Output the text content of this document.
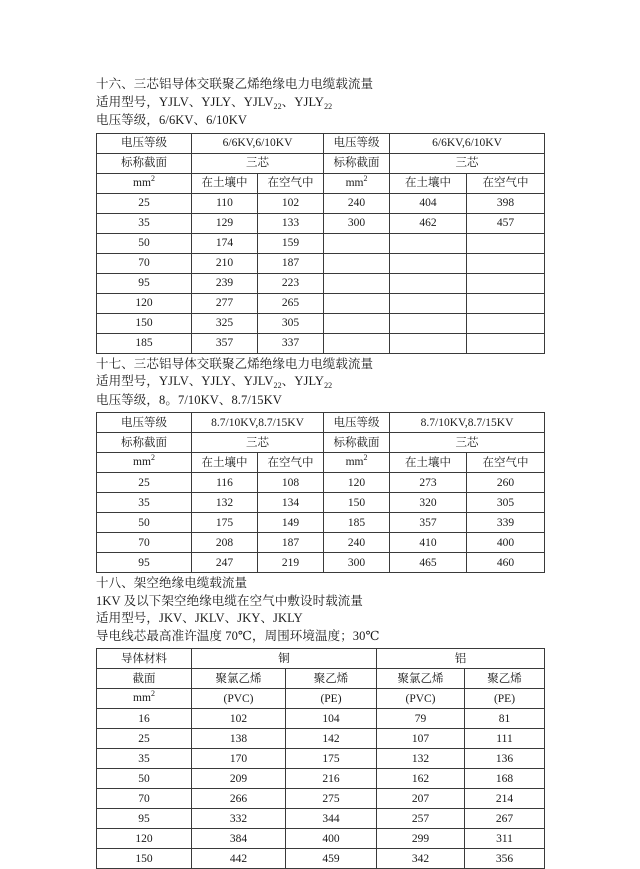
十六、三芯铝导体交联聚乙烯绝缘电力电缆载流量
适用型号，YJLV、YJLY、$YJLV_{22}$、$YJLY_{22}$
电压等级，6/6KV、6/10KV
电压等级	6/6KV,6/10KV		电压等级	6/6KV,6/10KV	
标称截面	三芯		标称截面	三芯	
$mm^2$	在土壤中	在空气中	$mm^2$	在土壤中	在空气中
25	110	102	240	404	398
35	129	133	300	462	457
50	174	159			
70	210	187			
95	239	223			
120	277	265			
150	325	305			
185	357	337			
十七、三芯铝导体交联聚乙烯绝缘电力电缆载流量
适用型号，YJLV、YJLY、$YJLV_{22}$、$YJLY_{22}$
电压等级，8。7/10KV、8.7/15KV
电压等级	8.7/10KV,8.7/15KV		电压等级	8.7/10KV,8.7/15KV	
标称截面	三芯		标称截面	三芯	
$mm^2$	在土壤中	在空气中	$mm^2$	在土壤中	在空气中
25	116	108	120	273	260
35	132	134	150	320	305
50	175	149	185	357	339
70	208	187	240	410	400
95	247	219	300	465	460
十八、架空绝缘电缆载流量
1KV 及以下架空绝缘电缆在空气中敷设时载流量
适用型号，JKV、JKLV、JKY、JKLY
导电线芯最高准许温度 70℃，周围环境温度；30℃
导体材料	铜		铝	
截面	聚氯乙烯	聚乙烯	聚氯乙烯	聚乙烯
$mm^2$	(PVC)	(PE)	(PVC)	(PE)
16	102	104	79	81
25	138	142	107	111
35	170	175	132	136
50	209	216	162	168
70	266	275	207	214
95	332	344	257	267
120	384	400	299	311
150	442	459	342	356
